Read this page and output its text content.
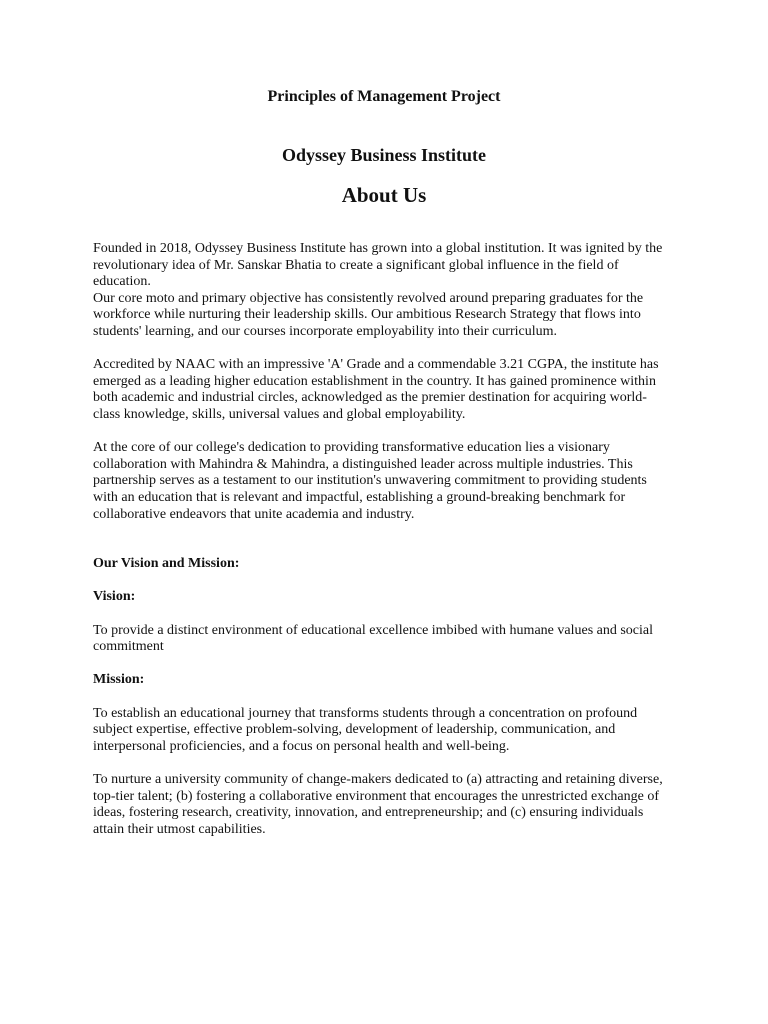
Principles of Management Project
Odyssey Business Institute
About Us

Founded in 2018, Odyssey Business Institute has grown into a global institution. It was ignited by the revolutionary idea of Mr. Sanskar Bhatia to create a significant global influence in the field of education.

Our core moto and primary objective has consistently revolved around preparing graduates for the workforce while nurturing their leadership skills. Our ambitious Research Strategy that flows into students' learning, and our courses incorporate employability into their curriculum.

Accredited by NAAC with an impressive 'A' Grade and a commendable 3.21 CGPA, the institute has emerged as a leading higher education establishment in the country. It has gained prominence within both academic and industrial circles, acknowledged as the premier destination for acquiring world-class knowledge, skills, universal values and global employability.

At the core of our college's dedication to providing transformative education lies a visionary collaboration with Mahindra & Mahindra, a distinguished leader across multiple industries. This partnership serves as a testament to our institution's unwavering commitment to providing students with an education that is relevant and impactful, establishing a ground-breaking benchmark for collaborative endeavors that unite academia and industry.

Our Vision and Mission:

Vision:

To provide a distinct environment of educational excellence imbibed with humane values and social commitment

Mission:

To establish an educational journey that transforms students through a concentration on profound subject expertise, effective problem-solving, development of leadership, communication, and interpersonal proficiencies, and a focus on personal health and well-being.

To nurture a university community of change-makers dedicated to (a) attracting and retaining diverse, top-tier talent; (b) fostering a collaborative environment that encourages the unrestricted exchange of ideas, fostering research, creativity, innovation, and entrepreneurship; and (c) ensuring individuals attain their utmost capabilities.
